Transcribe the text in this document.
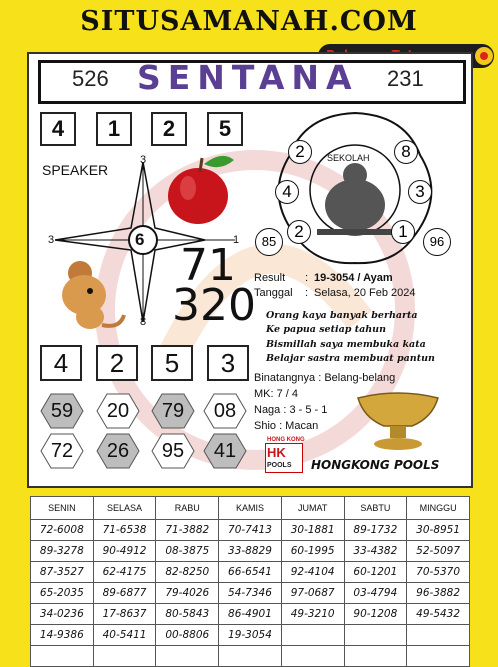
SITUSAMANAH.COM
526 SENTANA 231
4	1	2	5
SPEAKER
3
3	1
8
6
SEKOLAH
2	8
4	3
2	1
85	96
71
320
Result : 19-3054 / Ayam
Tanggal : Selasa, 20 Feb 2024
Orang kaya banyak berharta
Ke papua setiap tahun
Bismillah saya membuka kata
Belajar sastra membuat pantun
4	2	5	3
59	20	79	08
72	26	95	41
Binatangnya : Belang-belang
MK: 7 / 4
Naga : 3 - 5 - 1
Shio : Macan
HONG KONG
HK
POOLS HONGKONG POOLS
SENIN	SELASA	RABU	KAMIS	JUMAT	SABTU	MINGGU
72-6008	71-6538	71-3882	70-7413	30-1881	89-1732	30-8951
89-3278	90-4912	08-3875	33-8829	60-1995	33-4382	52-5097
87-3527	62-4175	82-8250	66-6541	92-4104	60-1201	70-5370
65-2035	89-6877	79-4026	54-7346	97-0687	03-4794	96-3882
34-0236	17-8637	80-5843	86-4901	49-3210	90-1208	49-5432
14-9386	40-5411	00-8806	19-3054			
